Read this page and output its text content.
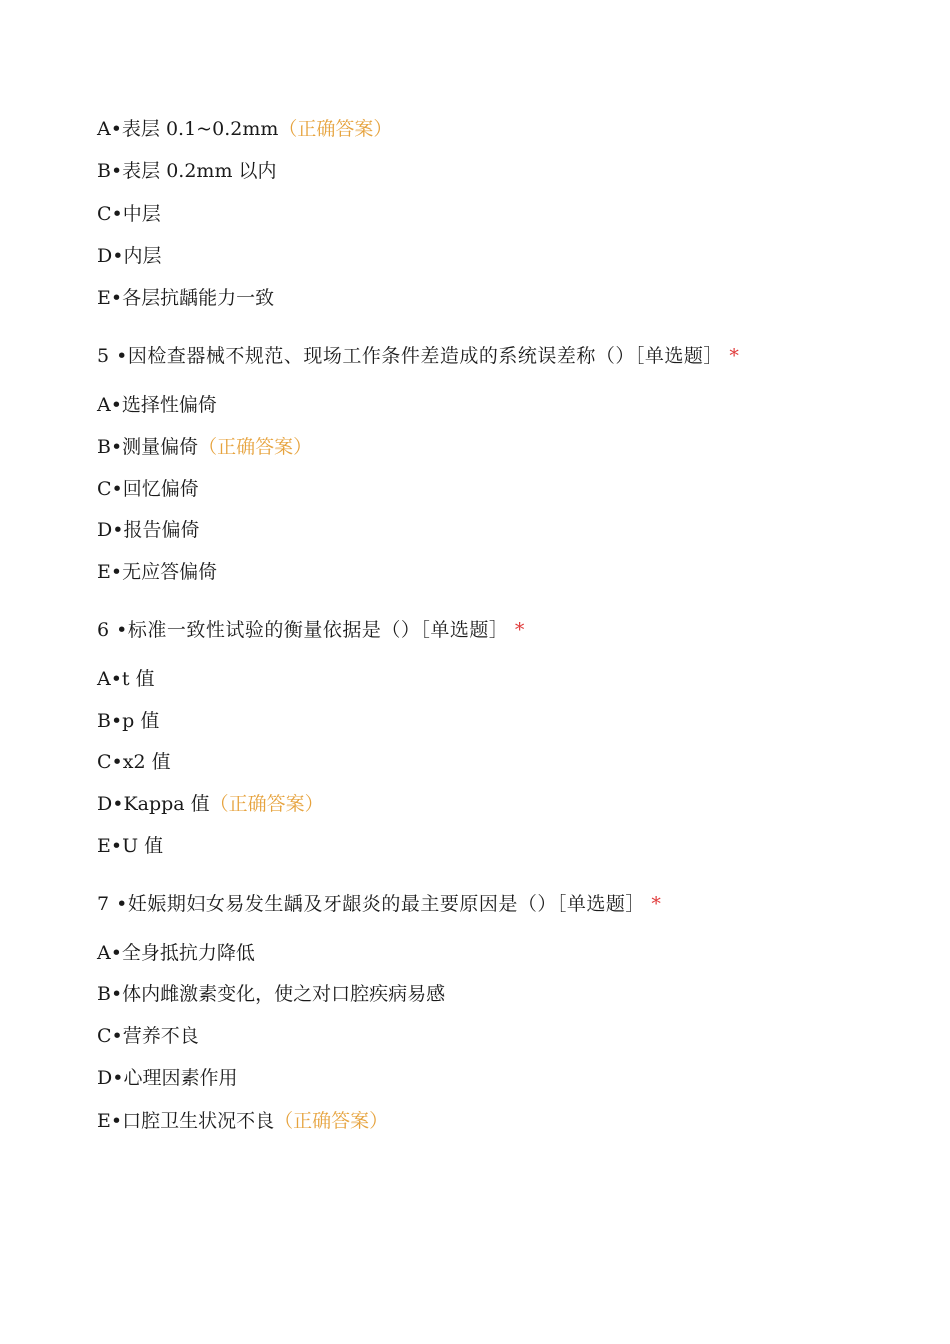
A•表层 0.1~0.2mm（正确答案）
B•表层 0.2mm 以内
C•中层
D•内层
E•各层抗龋能力一致
5 •因检查器械不规范、现场工作条件差造成的系统误差称（）［单选题］ *
A•选择性偏倚
B•测量偏倚（正确答案）
C•回忆偏倚
D•报告偏倚
E•无应答偏倚
6 •标准一致性试验的衡量依据是（）［单选题］ *
A•t 值
B•p 值
C•x2 值
D•Kappa 值（正确答案）
E•U 值
7 •妊娠期妇女易发生龋及牙龈炎的最主要原因是（）［单选题］ *
A•全身抵抗力降低
B•体内雌激素变化，使之对口腔疾病易感
C•营养不良
D•心理因素作用
E•口腔卫生状况不良（正确答案）
